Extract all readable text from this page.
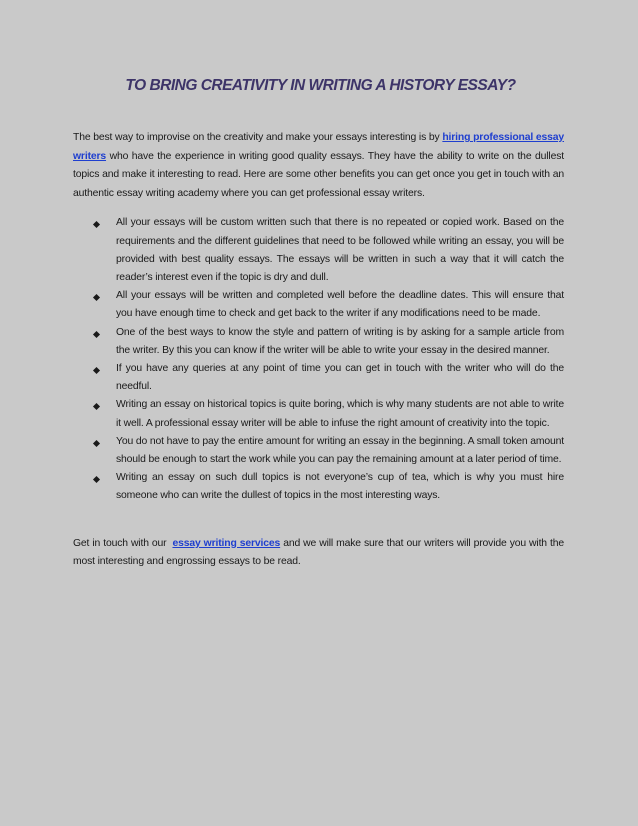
TO BRING CREATIVITY IN WRITING A HISTORY ESSAY?

The best way to improvise on the creativity and make your essays interesting is by hiring professional essay writers who have the experience in writing good quality essays. They have the ability to write on the dullest topics and make it interesting to read. Here are some other benefits you can get once you get in touch with an authentic essay writing academy where you can get professional essay writers.

All your essays will be custom written such that there is no repeated or copied work. Based on the requirements and the different guidelines that need to be followed while writing an essay, you will be provided with best quality essays. The essays will be written in such a way that it will catch the reader’s interest even if the topic is dry and dull.
All your essays will be written and completed well before the deadline dates. This will ensure that you have enough time to check and get back to the writer if any modifications need to be made.
One of the best ways to know the style and pattern of writing is by asking for a sample article from the writer. By this you can know if the writer will be able to write your essay in the desired manner.
If you have any queries at any point of time you can get in touch with the writer who will do the needful.
Writing an essay on historical topics is quite boring, which is why many students are not able to write it well. A professional essay writer will be able to infuse the right amount of creativity into the topic.
You do not have to pay the entire amount for writing an essay in the beginning. A small token amount should be enough to start the work while you can pay the remaining amount at a later period of time.
Writing an essay on such dull topics is not everyone’s cup of tea, which is why you must hire someone who can write the dullest of topics in the most interesting ways.

Get in touch with our essay writing services and we will make sure that our writers will provide you with the most interesting and engrossing essays to be read.
